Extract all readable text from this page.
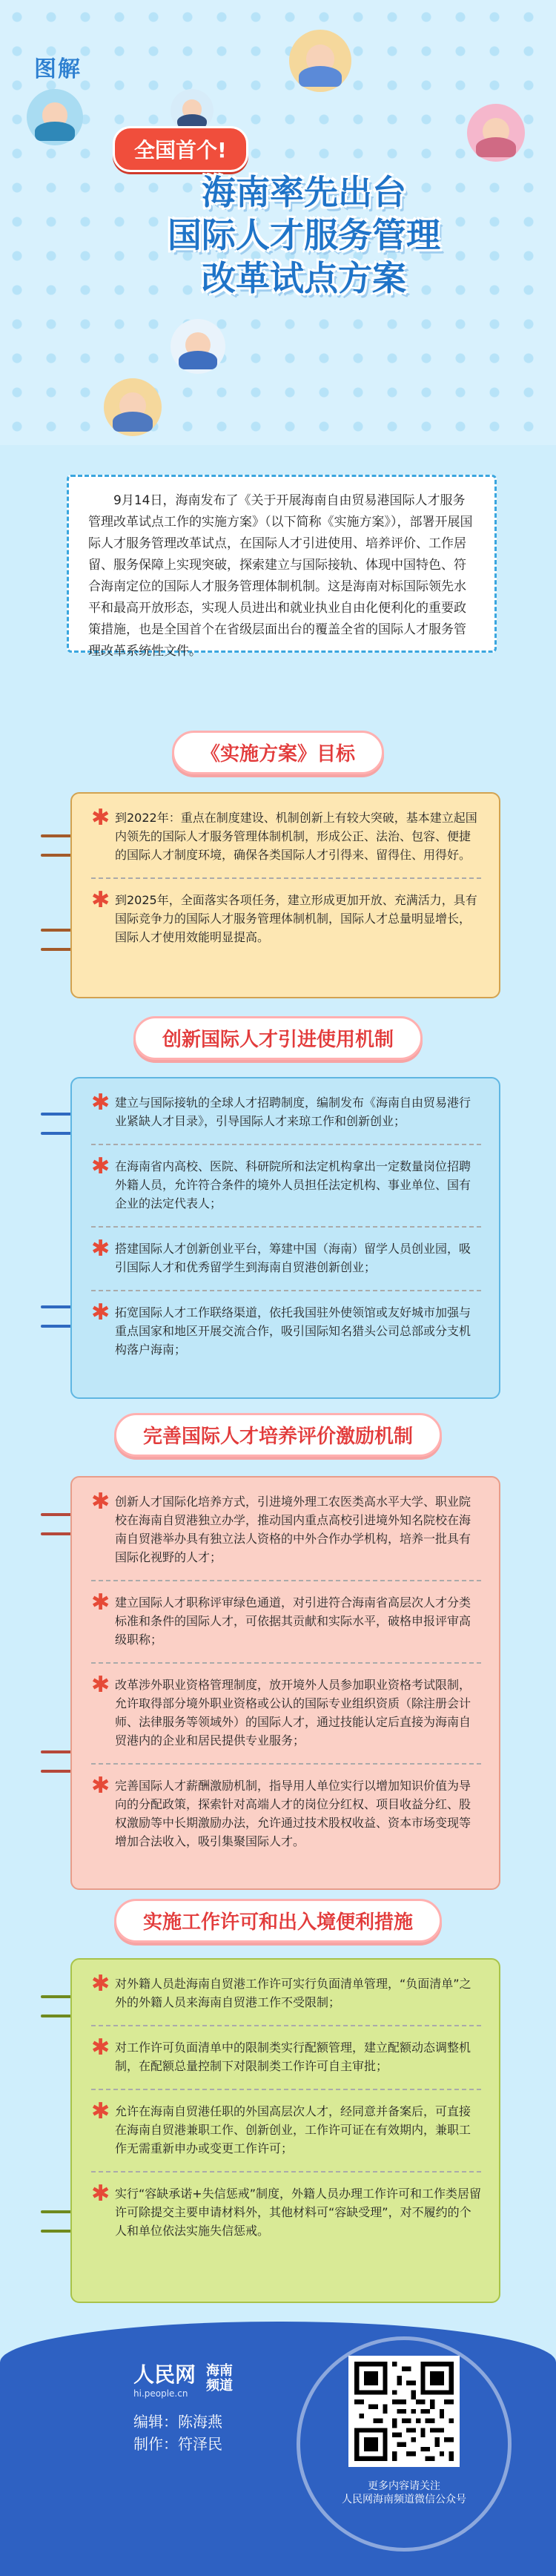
图解
全国首个!
海南率先出台
国际人才服务管理
改革试点方案

9月14日，海南发布了《关于开展海南自由贸易港国际人才服务管理改革试点工作的实施方案》（以下简称《实施方案》），部署开展国际人才服务管理改革试点，在国际人才引进使用、培养评价、工作居留、服务保障上实现突破，探索建立与国际接轨、体现中国特色、符合海南定位的国际人才服务管理体制机制。这是海南对标国际领先水平和最高开放形态，实现人员进出和就业执业自由化便利化的重要政策措施，也是全国首个在省级层面出台的覆盖全省的国际人才服务管理改革系统性文件。

《实施方案》目标
✱ 到2022年：重点在制度建设、机制创新上有较大突破，基本建立起国内领先的国际人才服务管理体制机制，形成公正、法治、包容、便捷的国际人才制度环境，确保各类国际人才引得来、留得住、用得好。
✱ 到2025年，全面落实各项任务，建立形成更加开放、充满活力，具有国际竞争力的国际人才服务管理体制机制，国际人才总量明显增长，国际人才使用效能明显提高。
创新国际人才引进使用机制
✱ 建立与国际接轨的全球人才招聘制度，编制发布《海南自由贸易港行业紧缺人才目录》，引导国际人才来琼工作和创新创业；
✱ 在海南省内高校、医院、科研院所和法定机构拿出一定数量岗位招聘外籍人员，允许符合条件的境外人员担任法定机构、事业单位、国有企业的法定代表人；
✱ 搭建国际人才创新创业平台，筹建中国（海南）留学人员创业园，吸引国际人才和优秀留学生到海南自贸港创新创业；
✱ 拓宽国际人才工作联络渠道，依托我国驻外使领馆或友好城市加强与重点国家和地区开展交流合作，吸引国际知名猎头公司总部或分支机构落户海南；
完善国际人才培养评价激励机制
✱ 创新人才国际化培养方式，引进境外理工农医类高水平大学、职业院校在海南自贸港独立办学，推动国内重点高校引进境外知名院校在海南自贸港举办具有独立法人资格的中外合作办学机构，培养一批具有国际化视野的人才；
✱ 建立国际人才职称评审绿色通道，对引进符合海南省高层次人才分类标准和条件的国际人才，可依据其贡献和实际水平，破格申报评审高级职称；
✱ 改革涉外职业资格管理制度，放开境外人员参加职业资格考试限制，允许取得部分境外职业资格或公认的国际专业组织资质（除注册会计师、法律服务等领域外）的国际人才，通过技能认定后直接为海南自贸港内的企业和居民提供专业服务；
✱ 完善国际人才薪酬激励机制，指导用人单位实行以增加知识价值为导向的分配政策，探索针对高端人才的岗位分红权、项目收益分红、股权激励等中长期激励办法，允许通过技术股权收益、资本市场变现等增加合法收入，吸引集聚国际人才。
实施工作许可和出入境便利措施
✱ 对外籍人员赴海南自贸港工作许可实行负面清单管理，“负面清单”之外的外籍人员来海南自贸港工作不受限制；
✱ 对工作许可负面清单中的限制类实行配额管理，建立配额动态调整机制，在配额总量控制下对限制类工作许可自主审批；
✱ 允许在海南自贸港任职的外国高层次人才，经同意并备案后，可直接在海南自贸港兼职工作、创新创业，工作许可证在有效期内，兼职工作无需重新申办或变更工作许可；
✱ 实行“容缺承诺+失信惩戒”制度，外籍人员办理工作许可和工作类居留许可除提交主要申请材料外，其他材料可“容缺受理”，对不履约的个人和单位依法实施失信惩戒。
人民网
hi.people.cn
海南
频道
编辑：陈海燕
制作：符泽民
更多内容请关注
人民网海南频道微信公众号
